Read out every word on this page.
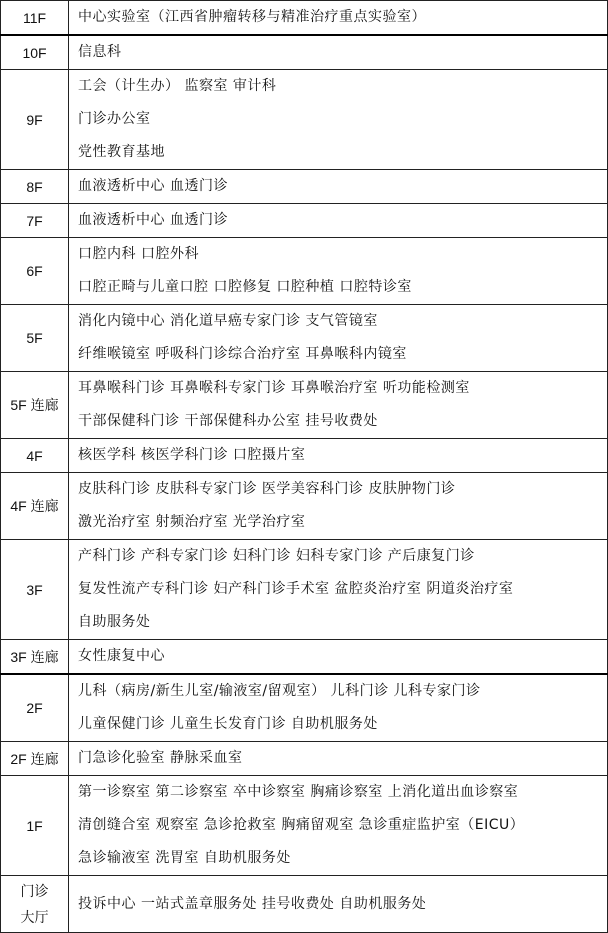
11F	中心实验室（江西省肿瘤转移与精准治疗重点实验室）

10F	信息科

9F	工会（计生办） 监察室 审计科
门诊办公室
党性教育基地

8F	血液透析中心 血透门诊

7F	血液透析中心 血透门诊

6F	口腔内科 口腔外科
口腔正畸与儿童口腔 口腔修复 口腔种植 口腔特诊室

5F	消化内镜中心 消化道早癌专家门诊 支气管镜室
纤维喉镜室 呼吸科门诊综合治疗室 耳鼻喉科内镜室

5F 连廊	耳鼻喉科门诊 耳鼻喉科专家门诊 耳鼻喉治疗室 听功能检测室
干部保健科门诊 干部保健科办公室 挂号收费处

4F	核医学科 核医学科门诊 口腔摄片室

4F 连廊	皮肤科门诊 皮肤科专家门诊 医学美容科门诊 皮肤肿物门诊
激光治疗室 射频治疗室 光学治疗室

3F	产科门诊 产科专家门诊 妇科门诊 妇科专家门诊 产后康复门诊
复发性流产专科门诊 妇产科门诊手术室 盆腔炎治疗室 阴道炎治疗室
自助服务处

3F 连廊	女性康复中心

2F	儿科（病房/新生儿室/输液室/留观室） 儿科门诊 儿科专家门诊
儿童保健门诊 儿童生长发育门诊 自助机服务处

2F 连廊	门急诊化验室 静脉采血室

1F	第一诊察室 第二诊察室 卒中诊察室 胸痛诊察室 上消化道出血诊察室
清创缝合室 观察室 急诊抢救室 胸痛留观室 急诊重症监护室（EICU）
急诊输液室 洗胃室 自助机服务处

门诊
大厅	投诉中心 一站式盖章服务处 挂号收费处 自助机服务处
